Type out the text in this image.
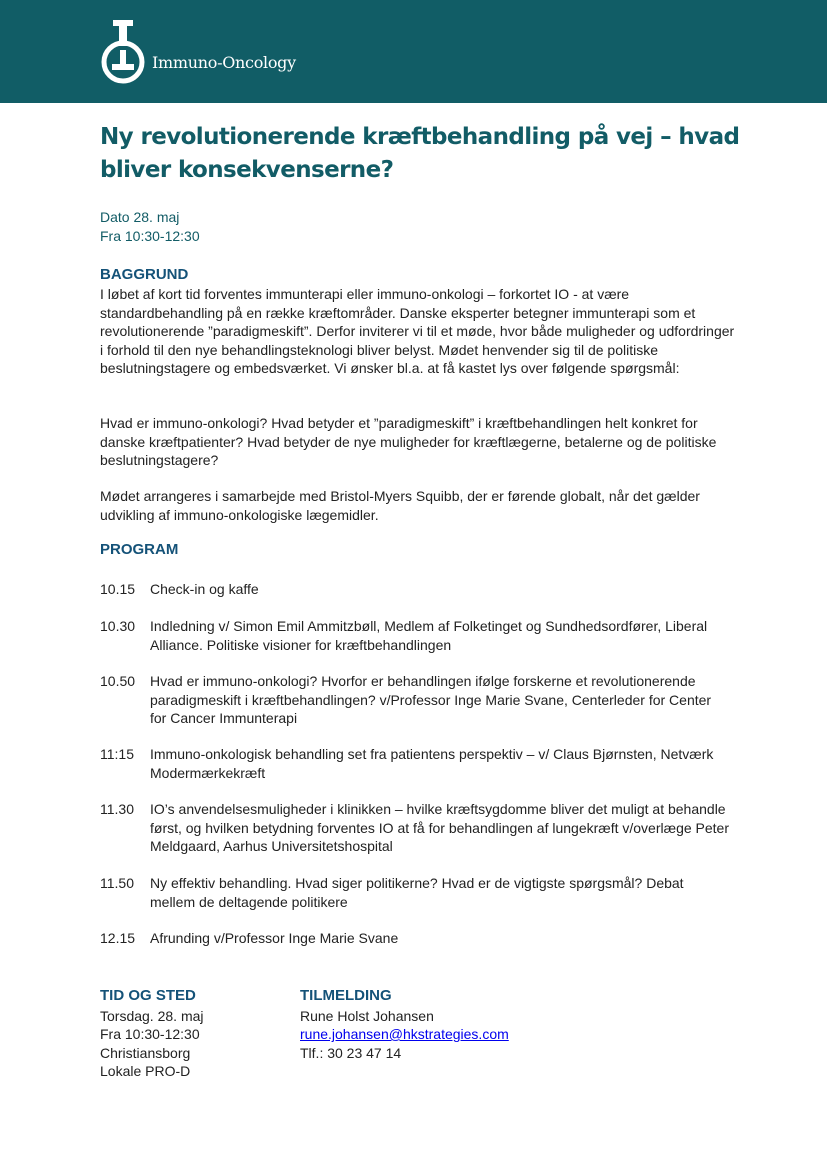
Immuno-Oncology
Ny revolutionerende kræftbehandling på vej – hvad bliver konsekvenserne?
Dato 28. maj
Fra 10:30-12:30
BAGGRUND

I løbet af kort tid forventes immunterapi eller immuno-onkologi – forkortet IO - at være standardbehandling på en række kræftområder. Danske eksperter betegner immunterapi som et revolutionerende ”paradigmeskift”. Derfor inviterer vi til et møde, hvor både muligheder og udfordringer i forhold til den nye behandlingsteknologi bliver belyst. Mødet henvender sig til de politiske beslutningstagere og embedsværket. Vi ønsker bl.a. at få kastet lys over følgende spørgsmål:

Hvad er immuno-onkologi? Hvad betyder et ”paradigmeskift” i kræftbehandlingen helt konkret for danske kræftpatienter? Hvad betyder de nye muligheder for kræftlægerne, betalerne og de politiske beslutningstagere?

Mødet arrangeres i samarbejde med Bristol-Myers Squibb, der er førende globalt, når det gælder udvikling af immuno-onkologiske lægemidler.

PROGRAM
10.15	Check-in og kaffe
10.30	Indledning v/ Simon Emil Ammitzbøll, Medlem af Folketinget og Sundhedsordfører, Liberal Alliance. Politiske visioner for kræftbehandlingen
10.50	Hvad er immuno-onkologi? Hvorfor er behandlingen ifølge forskerne et revolutionerende paradigmeskift i kræftbehandlingen? v/Professor Inge Marie Svane, Centerleder for Center for Cancer Immunterapi
11:15	Immuno-onkologisk behandling set fra patientens perspektiv – v/ Claus Bjørnsten, Netværk Modermærkekræft
11.30	IO’s anvendelsesmuligheder i klinikken – hvilke kræftsygdomme bliver det muligt at behandle først, og hvilken betydning forventes IO at få for behandlingen af lungekræft v/overlæge Peter Meldgaard, Aarhus Universitetshospital
11.50	Ny effektiv behandling. Hvad siger politikerne? Hvad er de vigtigste spørgsmål? Debat mellem de deltagende politikere
12.15	Afrunding v/Professor Inge Marie Svane
TID OG STED
Torsdag. 28. maj
Fra 10:30-12:30
Christiansborg
Lokale PRO-D
TILMELDING
Rune Holst Johansen
rune.johansen@hkstrategies.com
Tlf.: 30 23 47 14
